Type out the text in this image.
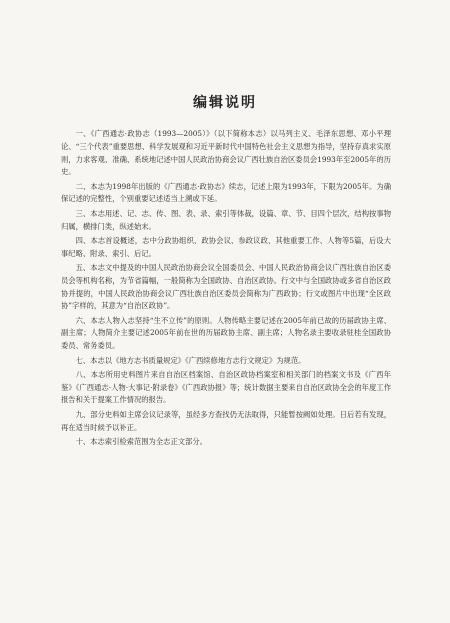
编辑说明

一、《广西通志·政协志（1993—2005）》（以下简称本志）以马列主义、毛泽东思想、邓小平理论、“三个代表”重要思想、科学发展观和习近平新时代中国特色社会主义思想为指导，坚持存真求实原则，力求客观、准确、系统地记述中国人民政治协商会议广西壮族自治区委员会1993年至2005年的历史。

二、本志为1998年出版的《广西通志·政协志》续志，记述上限为1993年，下限为2005年。为确保记述的完整性，个别重要记述适当上溯或下延。

三、本志用述、记、志、传、图、表、录、索引等体裁，设篇、章、节、目四个层次，结构按事物归属，横排门类，纵述始末。

四、本志首设概述，志中分政协组织、政协会议、参政议政、其他重要工作、人物等5篇，后设大事纪略、附录、索引、后记。

五、本志文中提及的中国人民政治协商会议全国委员会、中国人民政治协商会议广西壮族自治区委员会等机构名称，为节省篇幅，一般简称为全国政协、自治区政协。行文中与全国政协或多省自治区政协并提的，中国人民政治协商会议广西壮族自治区委员会简称为广西政协；行文或图片中出现“全区政协”字样的，其意为“自治区政协”。

六、本志人物入志坚持“生不立传”的原则。人物传略主要记述在2005年前已故的历届政协主席、副主席；人物简介主要记述2005年前在世的历届政协主席、副主席；人物名录主要收录驻桂全国政协委员、常务委员。

七、本志以《地方志书质量规定》《广西续修地方志行文规定》为规范。

八、本志所用史料图片来自自治区档案馆、自治区政协档案室和相关部门的档案文书及《广西年鉴》《广西通志·人物·大事记·附录卷》《广西政协报》等；统计数据主要来自自治区政协全会的年度工作报告和关于提案工作情况的报告。

九、部分史料如主席会议记录等，虽经多方查找仍无法取得，只能暂按阙如处理。日后若有发现，再在适当时候予以补正。

十、本志索引检索范围为全志正文部分。
